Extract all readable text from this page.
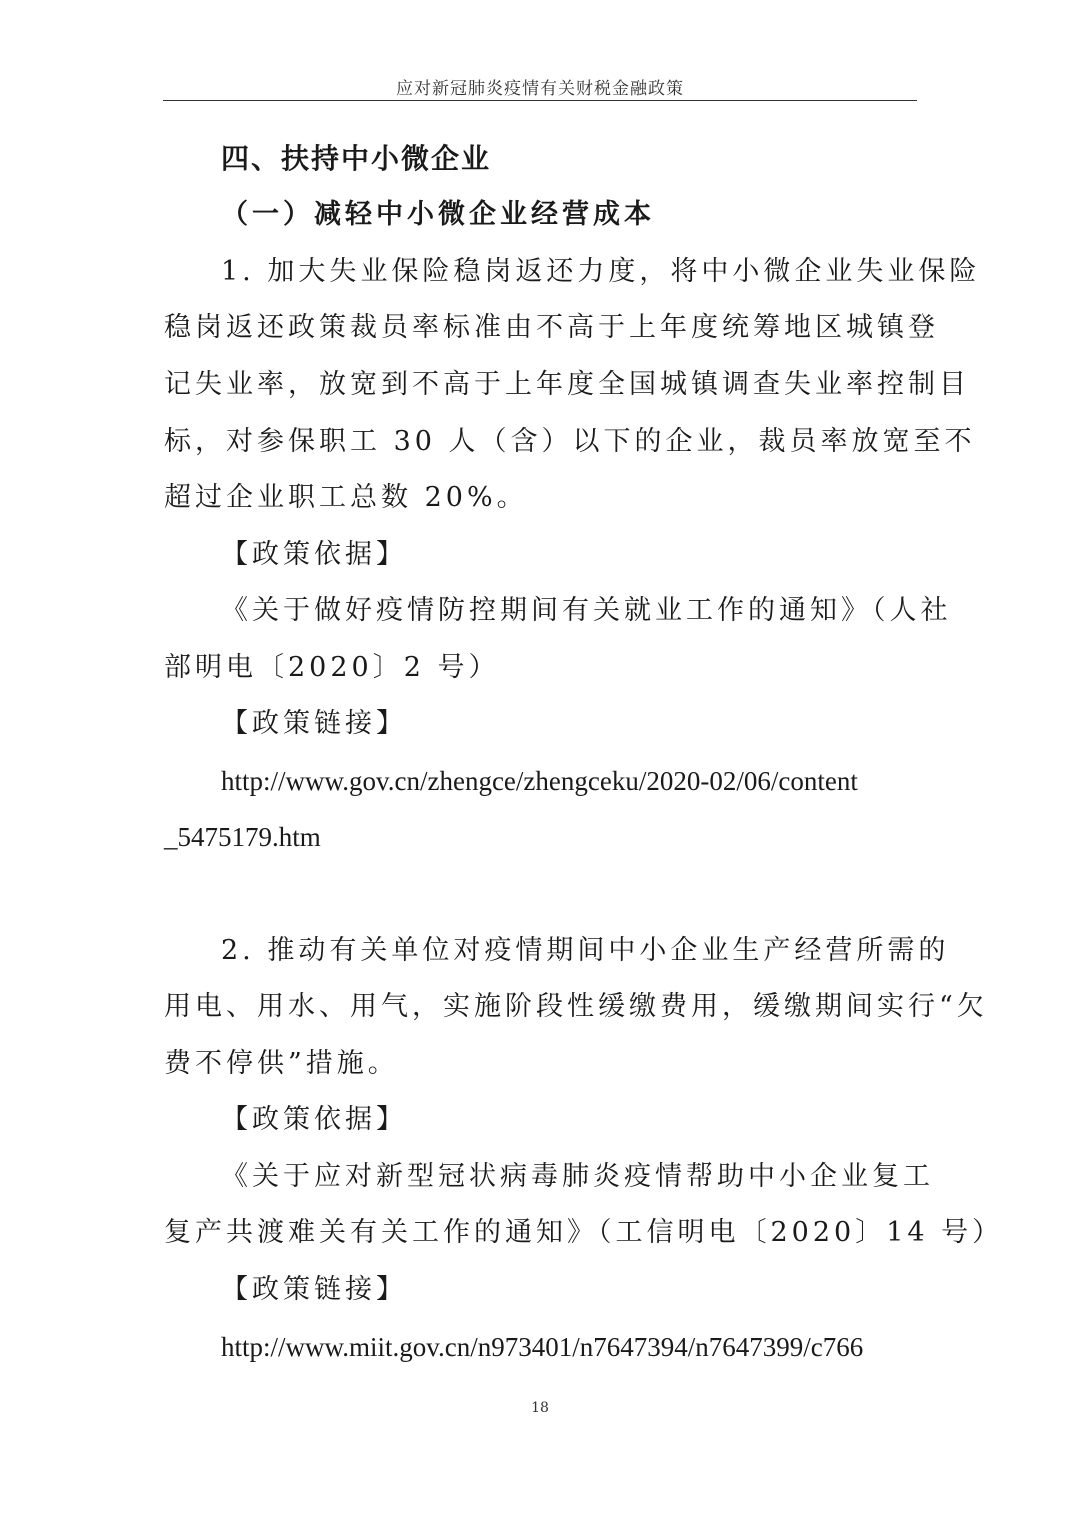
应对新冠肺炎疫情有关财税金融政策
四、扶持中小微企业
（一）减轻中小微企业经营成本
1. 加大失业保险稳岗返还力度，将中小微企业失业保险
稳岗返还政策裁员率标准由不高于上年度统筹地区城镇登
记失业率，放宽到不高于上年度全国城镇调查失业率控制目
标，对参保职工 30 人（含）以下的企业，裁员率放宽至不
超过企业职工总数 20%。
【政策依据】
《关于做好疫情防控期间有关就业工作的通知》（人社
部明电〔2020〕2 号）
【政策链接】
http://www.gov.cn/zhengce/zhengceku/2020-02/06/content
_5475179.htm
2. 推动有关单位对疫情期间中小企业生产经营所需的
用电、用水、用气，实施阶段性缓缴费用，缓缴期间实行“欠
费不停供”措施。
【政策依据】
《关于应对新型冠状病毒肺炎疫情帮助中小企业复工
复产共渡难关有关工作的通知》（工信明电〔2020〕14 号）
【政策链接】
http://www.miit.gov.cn/n973401/n7647394/n7647399/c766
18
